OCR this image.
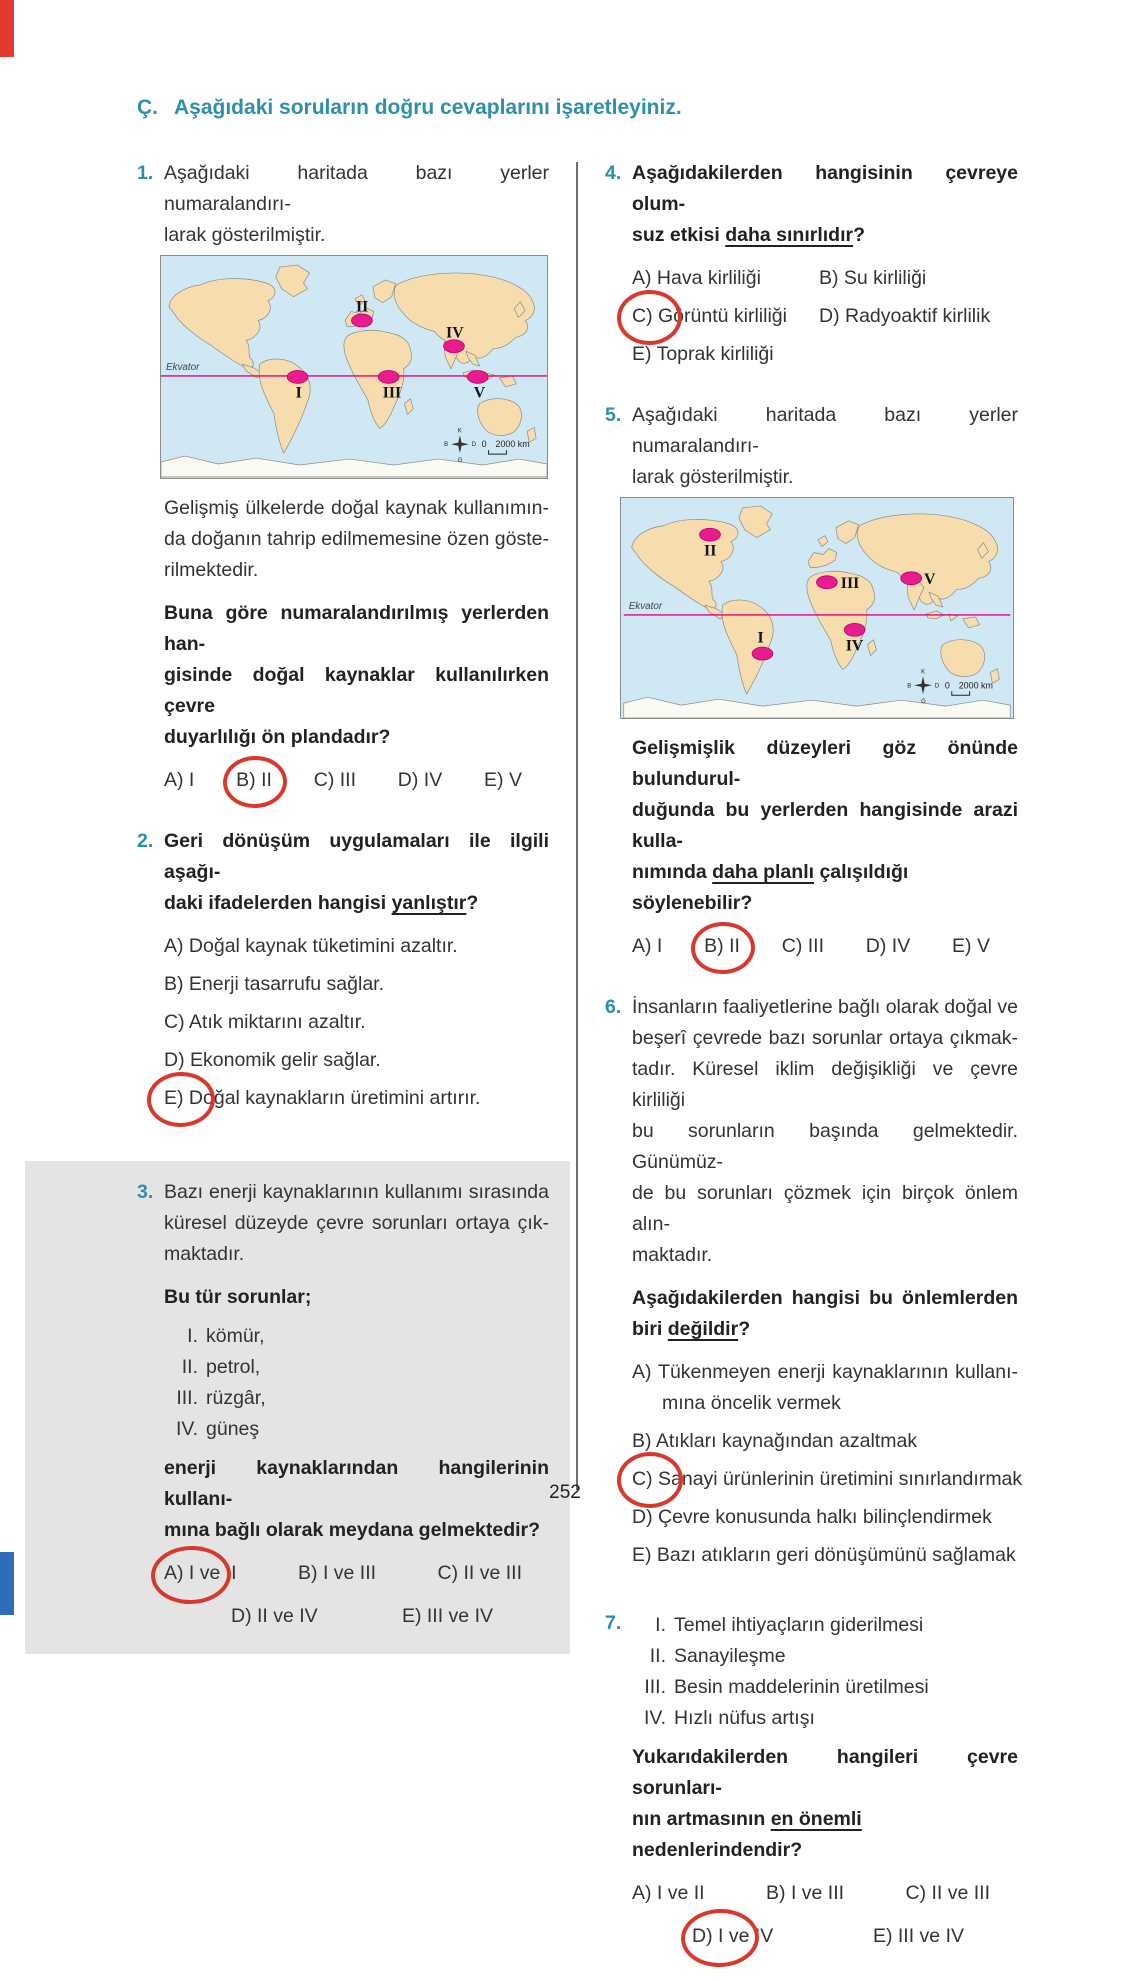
Ç. Aşağıdaki soruların doğru cevaplarını işaretleyiniz.
1. Aşağıdaki haritada bazı yerler numaralandırı-
larak gösterilmiştir.
Ekvator
II
IV
I	III	V
K
G
B	D 0 2000 km
Gelişmiş ülkelerde doğal kaynak kullanımın-
da doğanın tahrip edilmemesine özen göste-
rilmektedir.
Buna göre numaralandırılmış yerlerden han-
gisinde doğal kaynaklar kullanılırken çevre
duyarlılığı ön plandadır?
A) I B) II C) III D) IV E) V
2. Geri dönüşüm uygulamaları ile ilgili aşağı-
daki ifadelerden hangisi yanlıştır?
A) Doğal kaynak tüketimini azaltır. B) Enerji tasarrufu sağlar. C) Atık miktarını azaltır. D) Ekonomik gelir sağlar. E) Doğal kaynakların üretimini artırır.
3. Bazı enerji kaynaklarının kullanımı sırasında
küresel düzeyde çevre sorunları ortaya çık-
maktadır.
Bu tür sorunlar;
I. kömür,
II. petrol,
III. rüzgâr,
IV. güneş
enerji kaynaklarından hangilerinin kullanı-
mına bağlı olarak meydana gelmektedir?
A) I ve II	B) I ve III	C) II ve III
D) II ve IV	E) III ve IV
4. Aşağıdakilerden hangisinin çevreye olum-
suz etkisi daha sınırlıdır?
A) Hava kirliliği	B) Su kirliliği
C) Görüntü kirliliği	D) Radyoaktif kirlilik
E) Toprak kirliliği
5. Aşağıdaki haritada bazı yerler numaralandırı-
larak gösterilmiştir.
Ekvator
II
III	V
I	IV
K
G
B	D 0 2000 km
Gelişmişlik düzeyleri göz önünde bulundurul-
duğunda bu yerlerden hangisinde arazi kulla-
nımında daha planlı çalışıldığı söylenebilir?
A) I B) II C) III D) IV E) V
6. İnsanların faaliyetlerine bağlı olarak doğal ve
beşerî çevrede bazı sorunlar ortaya çıkmak-
tadır. Küresel iklim değişikliği ve çevre kirliliği
bu sorunların başında gelmektedir. Günümüz-
de bu sorunları çözmek için birçok önlem alın-
maktadır.
Aşağıdakilerden hangisi bu önlemlerden
biri değildir?
A) Tükenmeyen enerji kaynaklarının kullanı-
mına öncelik vermek
B) Atıkları kaynağından azaltmak C) Sanayi ürünlerinin üretimini sınırlandırmak
D) Çevre konusunda halkı bilinçlendirmek E) Bazı atıkların geri dönüşümünü sağlamak
7.	I. Temel ihtiyaçların giderilmesi
II. Sanayileşme
III. Besin maddelerinin üretilmesi
IV. Hızlı nüfus artışı
Yukarıdakilerden hangileri çevre sorunları-
nın artmasının en önemli nedenlerindendir?
A) I ve II	B) I ve III	C) II ve III
D) I ve IV	E) III ve IV
252
